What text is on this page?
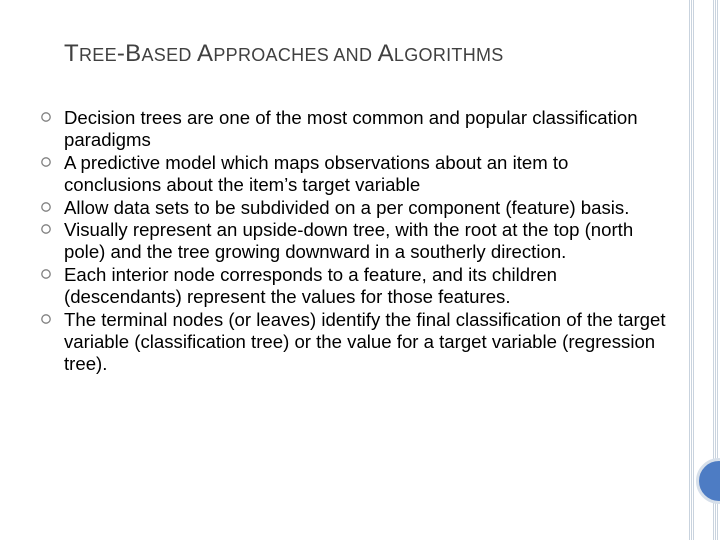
TREE-BASED APPROACHES AND ALGORITHMS
Decision trees are one of the most common and popular classification paradigms
A predictive model which maps observations about an item to conclusions about the item’s target variable
Allow data sets to be subdivided on a per component (feature) basis.
Visually represent an upside-down tree, with the root at the top (north pole) and the tree growing downward in a southerly direction.
Each interior node corresponds to a feature, and its children (descendants) represent the values for those features.
The terminal nodes (or leaves) identify the final classification of the target variable (classification tree) or the value for a target variable (regression tree).
